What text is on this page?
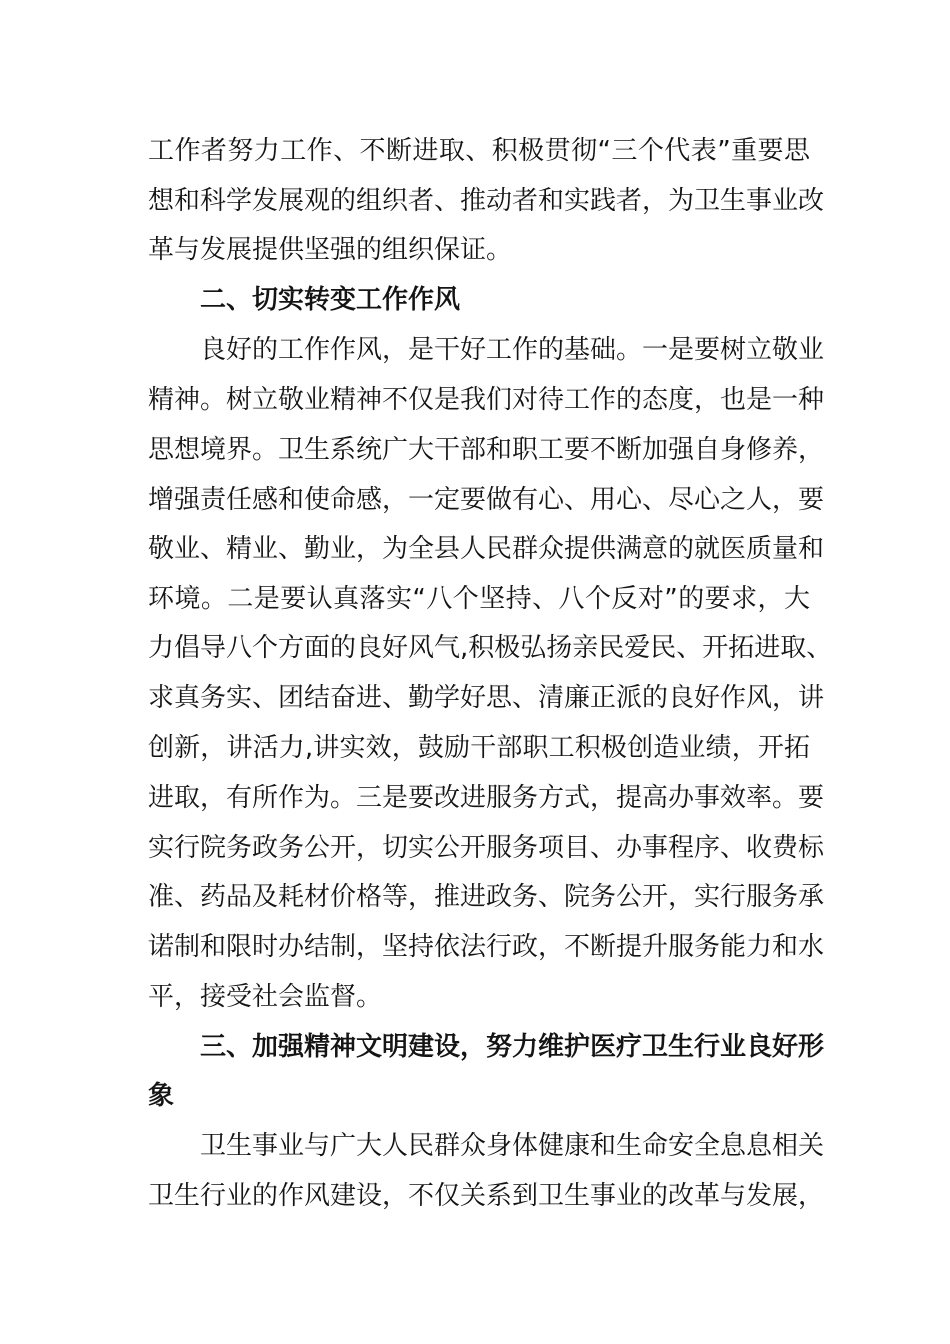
工作者努力工作、不断进取、积极贯彻“三个代表”重要思
想和科学发展观的组织者、推动者和实践者，为卫生事业改
革与发展提供坚强的组织保证。
二、切实转变工作作风
良好的工作作风，是干好工作的基础。一是要树立敬业
精神。树立敬业精神不仅是我们对待工作的态度，也是一种
思想境界。卫生系统广大干部和职工要不断加强自身修养，
增强责任感和使命感，一定要做有心、用心、尽心之人，要
敬业、精业、勤业，为全县人民群众提供满意的就医质量和
环境。二是要认真落实“八个坚持、八个反对”的要求，大
力倡导八个方面的良好风气,积极弘扬亲民爱民、开拓进取、
求真务实、团结奋进、勤学好思、清廉正派的良好作风，讲
创新，讲活力,讲实效，鼓励干部职工积极创造业绩，开拓
进取，有所作为。三是要改进服务方式，提高办事效率。要
实行院务政务公开，切实公开服务项目、办事程序、收费标
准、药品及耗材价格等，推进政务、院务公开，实行服务承
诺制和限时办结制，坚持依法行政，不断提升服务能力和水
平，接受社会监督。
三、加强精神文明建设，努力维护医疗卫生行业良好形
象
卫生事业与广大人民群众身体健康和生命安全息息相关
卫生行业的作风建设，不仅关系到卫生事业的改革与发展，
